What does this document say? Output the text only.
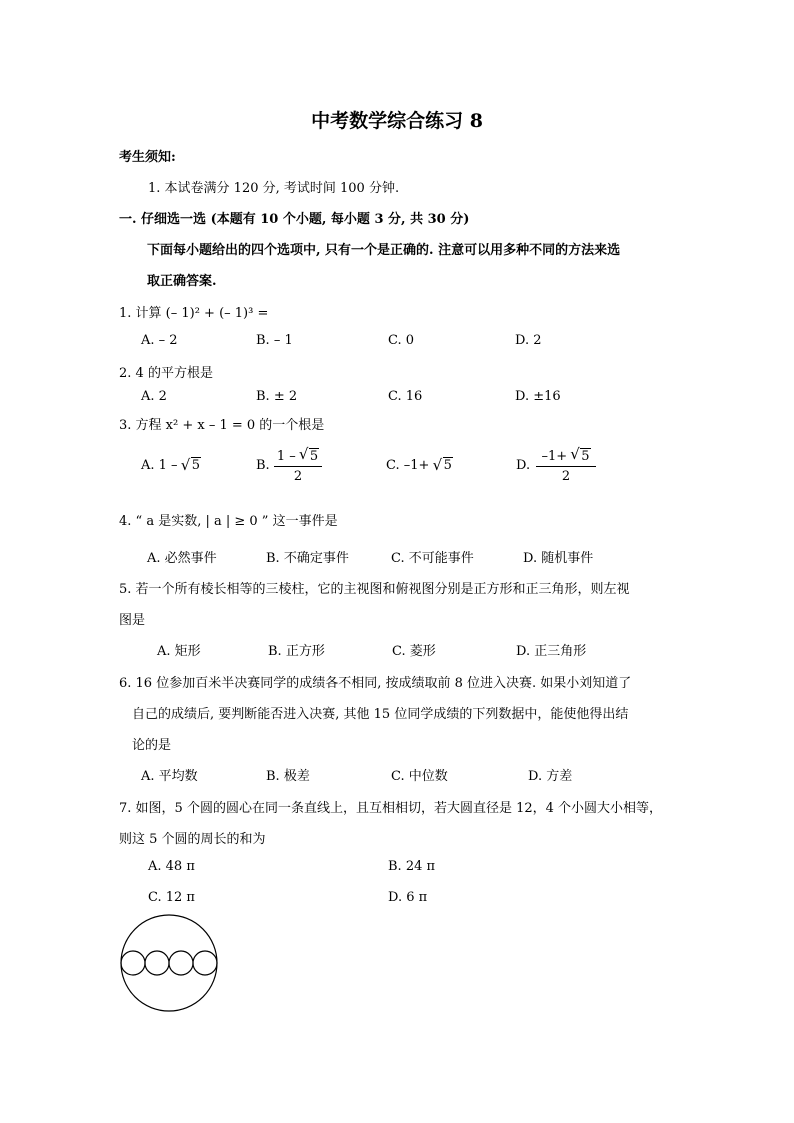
中考数学综合练习 8
考生须知:
1. 本试卷满分 120 分, 考试时间 100 分钟.
一. 仔细选一选 (本题有 10 个小题, 每小题 3 分, 共 30 分)
下面每小题给出的四个选项中, 只有一个是正确的. 注意可以用多种不同的方法来选
取正确答案.
1. 计算 (– 1)² + (– 1)³ =
A. – 2	B. – 1	C. 0	D. 2
2. 4 的平方根是
A. 2	B. ± 2	C. 16	D. ±16
3. 方程 x² + x – 1 = 0 的一个根是
A. 1 – √ 5	B.
1 – √ 5
2
C. –1+ √ 5	D.
–1+ √ 5
2
4. “ a 是实数, | a | ≥ 0 ” 这一事件是
A. 必然事件	B. 不确定事件	C. 不可能事件	D. 随机事件
5. 若一个所有棱长相等的三棱柱，它的主视图和俯视图分别是正方形和正三角形，则左视
图是
A. 矩形	B. 正方形	C. 菱形	D. 正三角形
6. 16 位参加百米半决赛同学的成绩各不相同, 按成绩取前 8 位进入决赛. 如果小刘知道了
自己的成绩后, 要判断能否进入决赛, 其他 15 位同学成绩的下列数据中，能使他得出结
论的是
A. 平均数	B. 极差	C. 中位数	D. 方差
7. 如图，5 个圆的圆心在同一条直线上，且互相相切，若大圆直径是 12，4 个小圆大小相等，
则这 5 个圆的周长的和为
A. 48 π	B. 24 π
C. 12 π	D. 6 π
